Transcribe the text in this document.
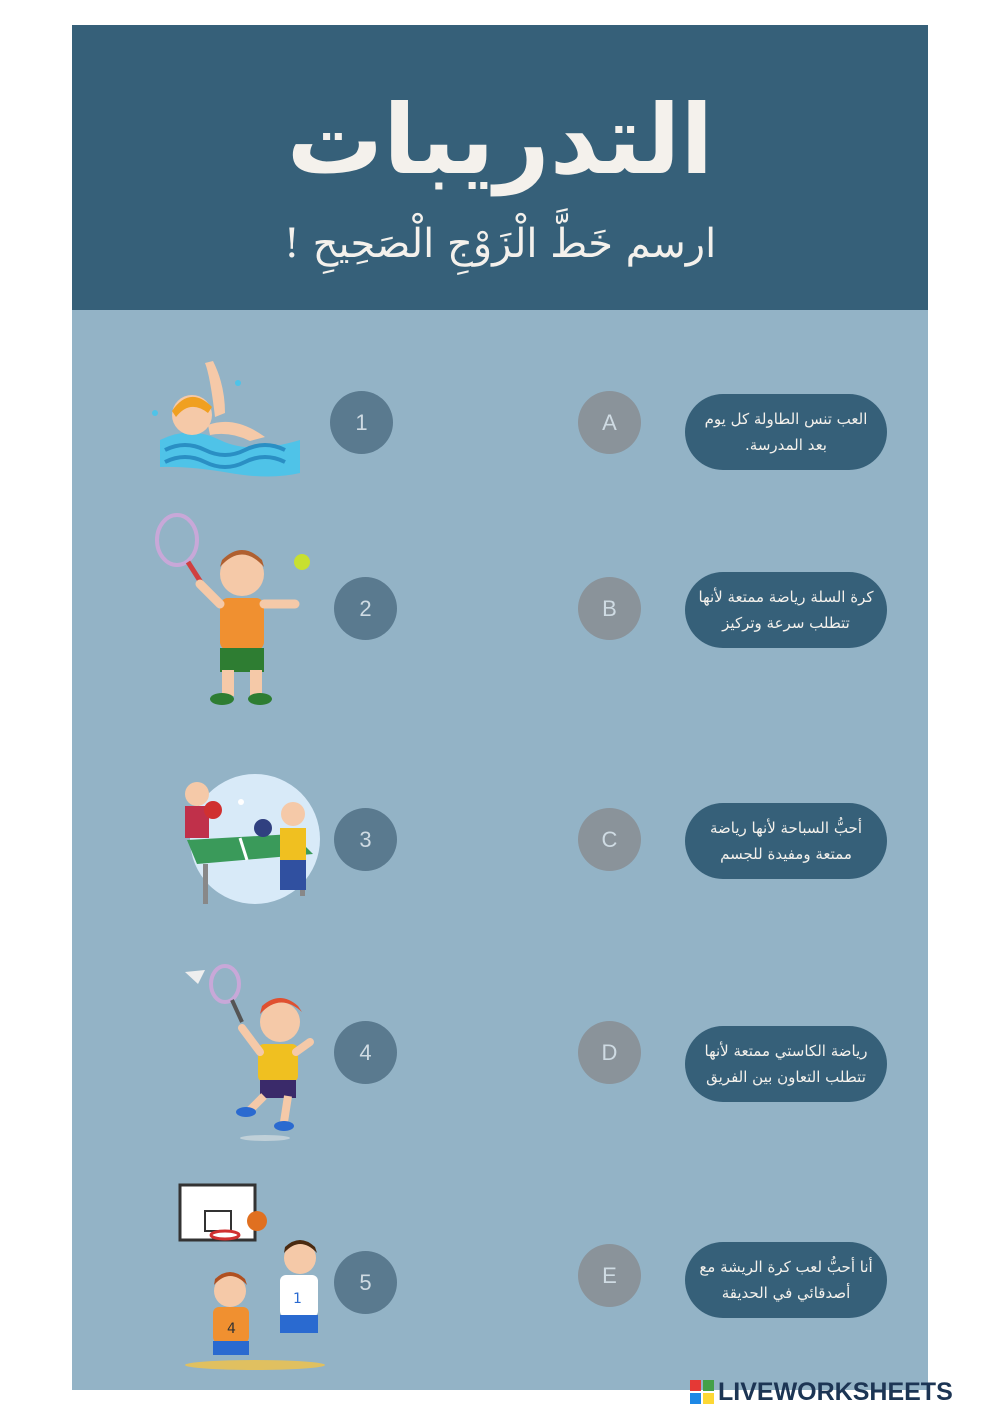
التدريبات
ارسم خَطَّ الْزَوْجِ الْصَحِيحِ !
1
2
3
4
1
4
5
A
B
C
D
E
العب تنس الطاولة كل يوم
بعد المدرسة.
كرة السلة رياضة ممتعة لأنها
تتطلب سرعة وتركيز
أحبُّ السباحة لأنها رياضة
ممتعة ومفيدة للجسم
رياضة الكاستي ممتعة لأنها
تتطلب التعاون بين الفريق
أنا أحبُّ لعب كرة الريشة مع
أصدقائي في الحديقة
LIVEWORKSHEETS
